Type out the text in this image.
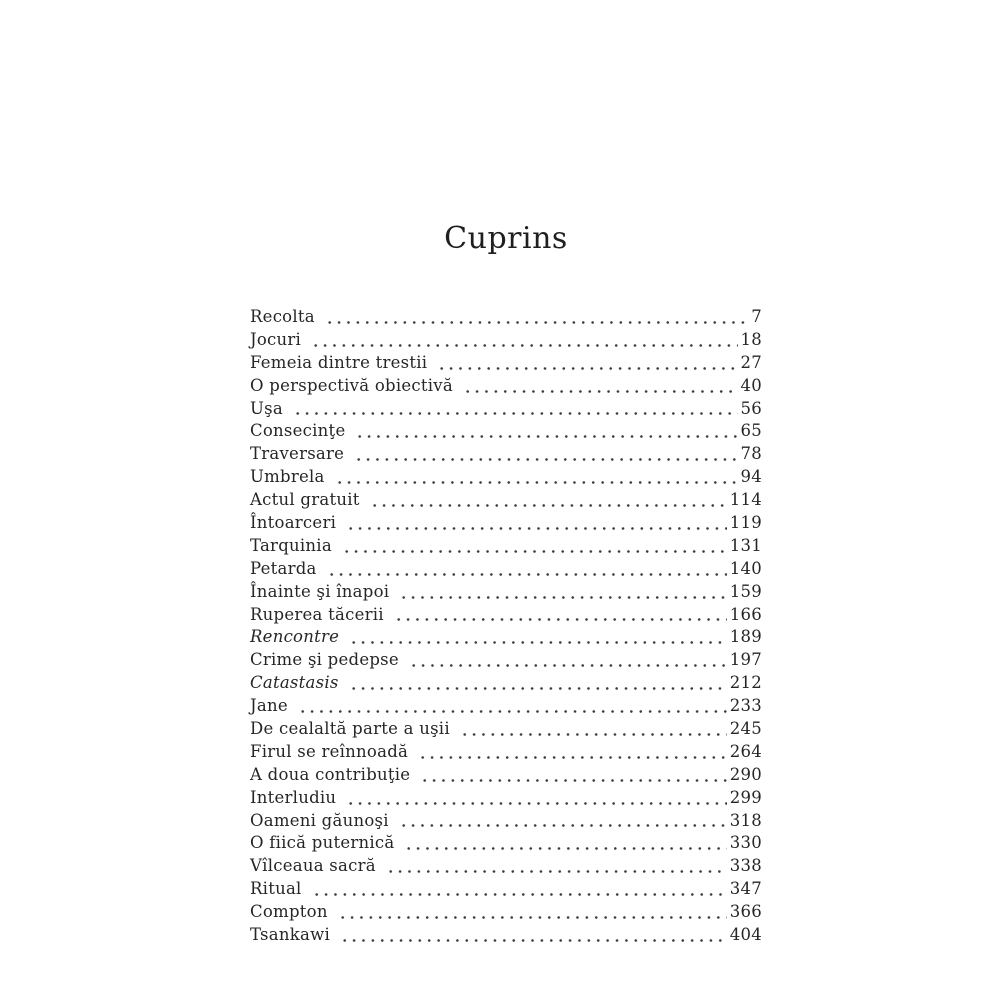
Cuprins
Recolta	7
Jocuri	18
Femeia dintre trestii	27
O perspectivă obiectivă	40
Uşa	56
Consecinţe	65
Traversare	78
Umbrela	94
Actul gratuit	114
Întoarceri	119
Tarquinia	131
Petarda	140
Înainte şi înapoi	159
Ruperea tăcerii	166
Rencontre	189
Crime şi pedepse	197
Catastasis	212
Jane	233
De cealaltă parte a uşii	245
Firul se reînnoadă	264
A doua contribuţie	290
Interludiu	299
Oameni găunoşi	318
O fiică puternică	330
Vîlceaua sacră	338
Ritual	347
Compton	366
Tsankawi	404
